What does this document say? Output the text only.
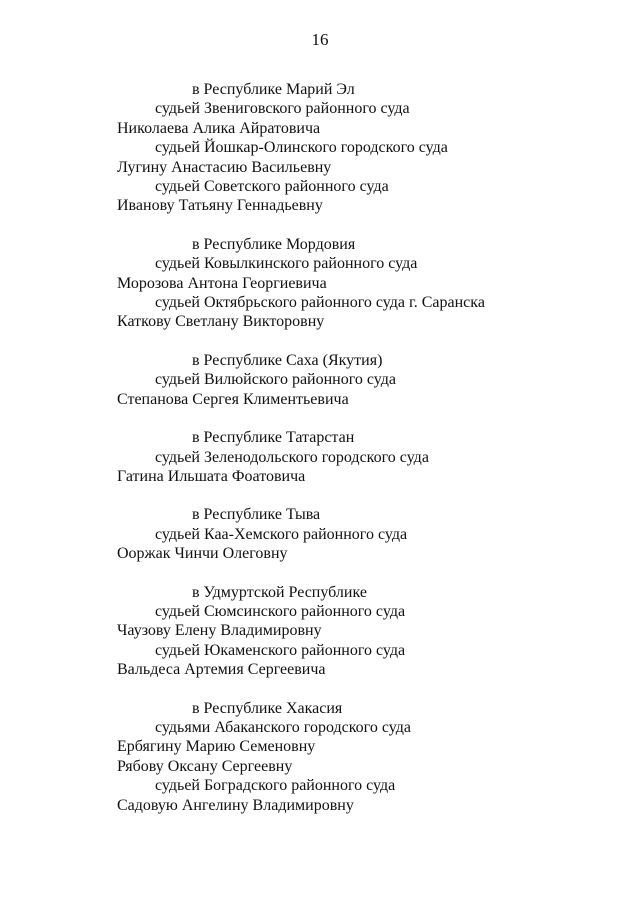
16
в Республике Марий Эл
судьей Звениговского районного суда
Николаева Алика Айратовича
судьей Йошкар-Олинского городского суда
Лугину Анастасию Васильевну
судьей Советского районного суда
Иванову Татьяну Геннадьевну
в Республике Мордовия
судьей Ковылкинского районного суда
Морозова Антона Георгиевича
судьей Октябрьского районного суда г. Саранска
Каткову Светлану Викторовну
в Республике Саха (Якутия)
судьей Вилюйского районного суда
Степанова Сергея Климентьевича
в Республике Татарстан
судьей Зеленодольского городского суда
Гатина Ильшата Фоатовича
в Республике Тыва
судьей Каа-Хемского районного суда
Ооржак Чинчи Олеговну
в Удмуртской Республике
судьей Сюмсинского районного суда
Чаузову Елену Владимировну
судьей Юкаменского районного суда
Вальдеса Артемия Сергеевича
в Республике Хакасия
судьями Абаканского городского суда
Ербягину Марию Семеновну
Рябову Оксану Сергеевну
судьей Боградского районного суда
Садовую Ангелину Владимировну
